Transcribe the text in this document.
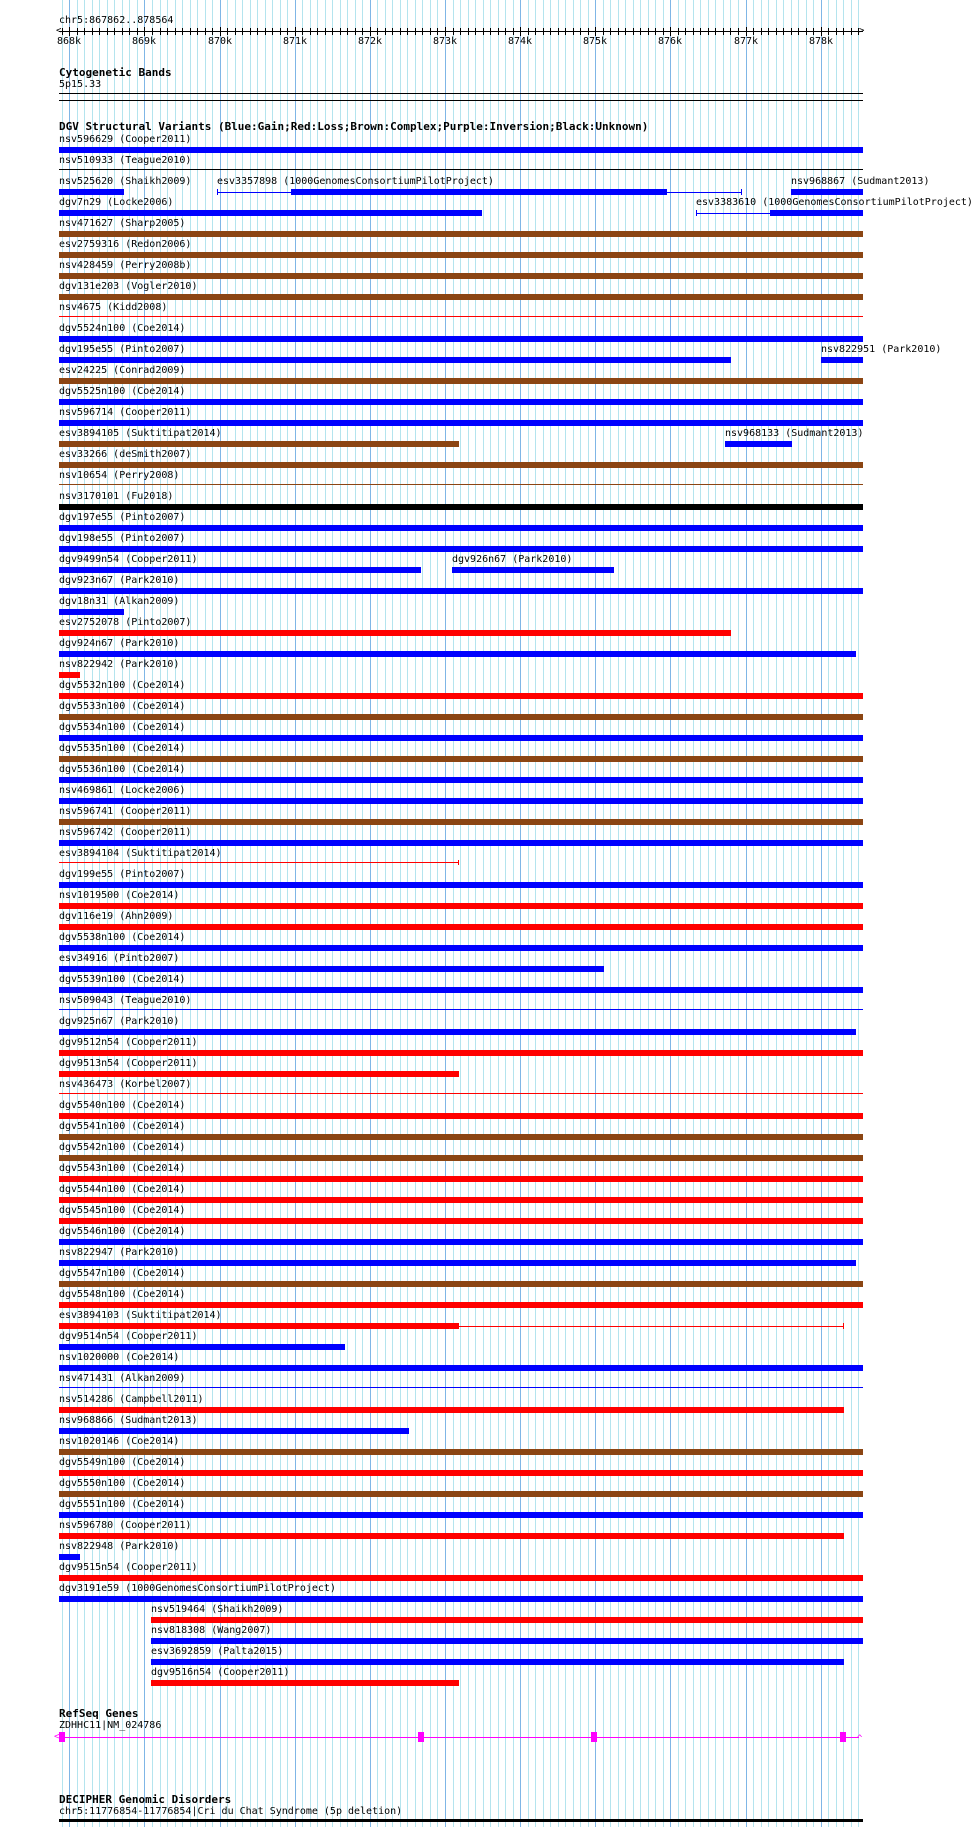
chr5:867862..878564
<	>
868k	869k	870k	871k	872k	873k	874k	875k	876k	877k	878k
Cytogenetic Bands
5p15.33
DGV Structural Variants (Blue:Gain;Red:Loss;Brown:Complex;Purple:Inversion;Black:Unknown)
nsv596629 (Cooper2011)
nsv510933 (Teague2010)
nsv525620 (Shaikh2009)	esv3357898 (1000GenomesConsortiumPilotProject)	nsv968867 (Sudmant2013)
dgv7n29 (Locke2006)	esv3383610 (1000GenomesConsortiumPilotProject)
nsv471627 (Sharp2005)
esv2759316 (Redon2006)
nsv428459 (Perry2008b)
dgv131e203 (Vogler2010)
nsv4675 (Kidd2008)
dgv5524n100 (Coe2014)
dgv195e55 (Pinto2007)	nsv822951 (Park2010)
esv24225 (Conrad2009)
dgv5525n100 (Coe2014)
nsv596714 (Cooper2011)
esv3894105 (Suktitipat2014)	nsv968133 (Sudmant2013)
esv33266 (deSmith2007)
nsv10654 (Perry2008)
nsv3170101 (Fu2018)
dgv197e55 (Pinto2007)
dgv198e55 (Pinto2007)
dgv9499n54 (Cooper2011)	dgv926n67 (Park2010)
dgv923n67 (Park2010)
dgv18n31 (Alkan2009)
esv2752078 (Pinto2007)
dgv924n67 (Park2010)
nsv822942 (Park2010)
dgv5532n100 (Coe2014)
dgv5533n100 (Coe2014)
dgv5534n100 (Coe2014)
dgv5535n100 (Coe2014)
dgv5536n100 (Coe2014)
nsv469861 (Locke2006)
nsv596741 (Cooper2011)
nsv596742 (Cooper2011)
esv3894104 (Suktitipat2014)
dgv199e55 (Pinto2007)
nsv1019500 (Coe2014)
dgv116e19 (Ahn2009)
dgv5538n100 (Coe2014)
esv34916 (Pinto2007)
dgv5539n100 (Coe2014)
nsv509043 (Teague2010)
dgv925n67 (Park2010)
dgv9512n54 (Cooper2011)
dgv9513n54 (Cooper2011)
nsv436473 (Korbel2007)
dgv5540n100 (Coe2014)
dgv5541n100 (Coe2014)
dgv5542n100 (Coe2014)
dgv5543n100 (Coe2014)
dgv5544n100 (Coe2014)
dgv5545n100 (Coe2014)
dgv5546n100 (Coe2014)
nsv822947 (Park2010)
dgv5547n100 (Coe2014)
dgv5548n100 (Coe2014)
esv3894103 (Suktitipat2014)
dgv9514n54 (Cooper2011)
nsv1020000 (Coe2014)
nsv471431 (Alkan2009)
nsv514286 (Campbell2011)
nsv968866 (Sudmant2013)
nsv1020146 (Coe2014)
dgv5549n100 (Coe2014)
dgv5550n100 (Coe2014)
dgv5551n100 (Coe2014)
nsv596780 (Cooper2011)
nsv822948 (Park2010)
dgv9515n54 (Cooper2011)
dgv3191e59 (1000GenomesConsortiumPilotProject)
nsv519464 (Shaikh2009)
nsv818308 (Wang2007)
esv3692859 (Palta2015)
dgv9516n54 (Cooper2011)
RefSeq Genes
ZDHHC11|NM_024786
<	^
DECIPHER Genomic Disorders
chr5:11776854-11776854|Cri du Chat Syndrome (5p deletion)
